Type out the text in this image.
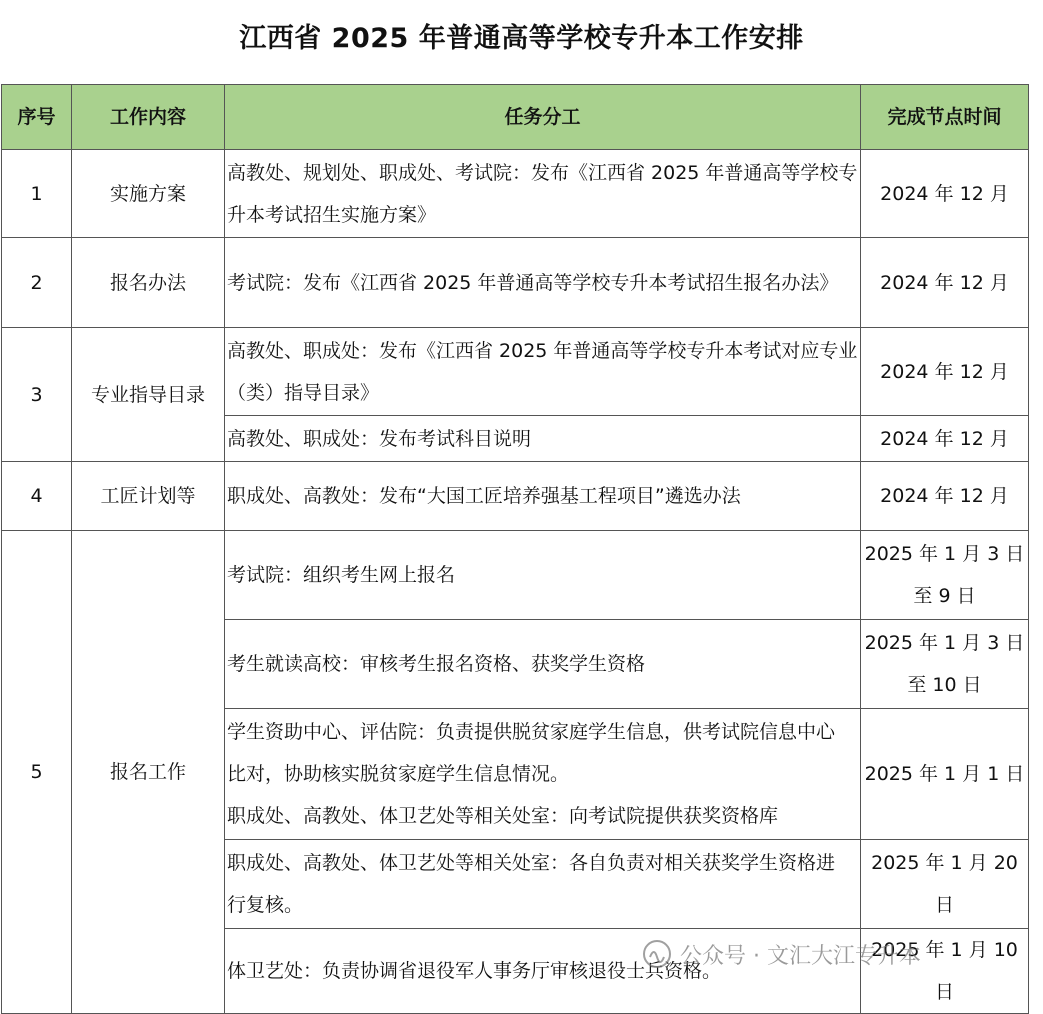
江西省 2025 年普通高等学校专升本工作安排
序号	工作内容	任务分工	完成节点时间
1	实施方案	高教处、规划处、职成处、考试院：发布《江西省 2025 年普通高等学校专
升本考试招生实施方案》	2024 年 12 月

2	报名办法	考试院：发布《江西省 2025 年普通高等学校专升本考试招生报名办法》	2024 年 12 月

3	专业指导目录	高教处、职成处：发布《江西省 2025 年普通高等学校专升本考试对应专业
（类）指导目录》	2024 年 12 月

		高教处、职成处：发布考试科目说明	2024 年 12 月

4	工匠计划等	职成处、高教处：发布“大国工匠培养强基工程项目”遴选办法	2024 年 12 月

5	报名工作	考试院：组织考生网上报名	2025 年 1 月 3 日
至 9 日

		考生就读高校：审核考生报名资格、获奖学生资格	2025 年 1 月 3 日
至 10 日

		学生资助中心、评估院：负责提供脱贫家庭学生信息，供考试院信息中心
比对，协助核实脱贫家庭学生信息情况。
职成处、高教处、体卫艺处等相关处室：向考试院提供获奖资格库	2025 年 1 月 1 日

		职成处、高教处、体卫艺处等相关处室：各自负责对相关获奖学生资格进
行复核。	2025 年 1 月 20 日

		体卫艺处：负责协调省退役军人事务厅审核退役士兵资格。	2025 年 1 月 10 日
公众号 · 文汇大江专升本
